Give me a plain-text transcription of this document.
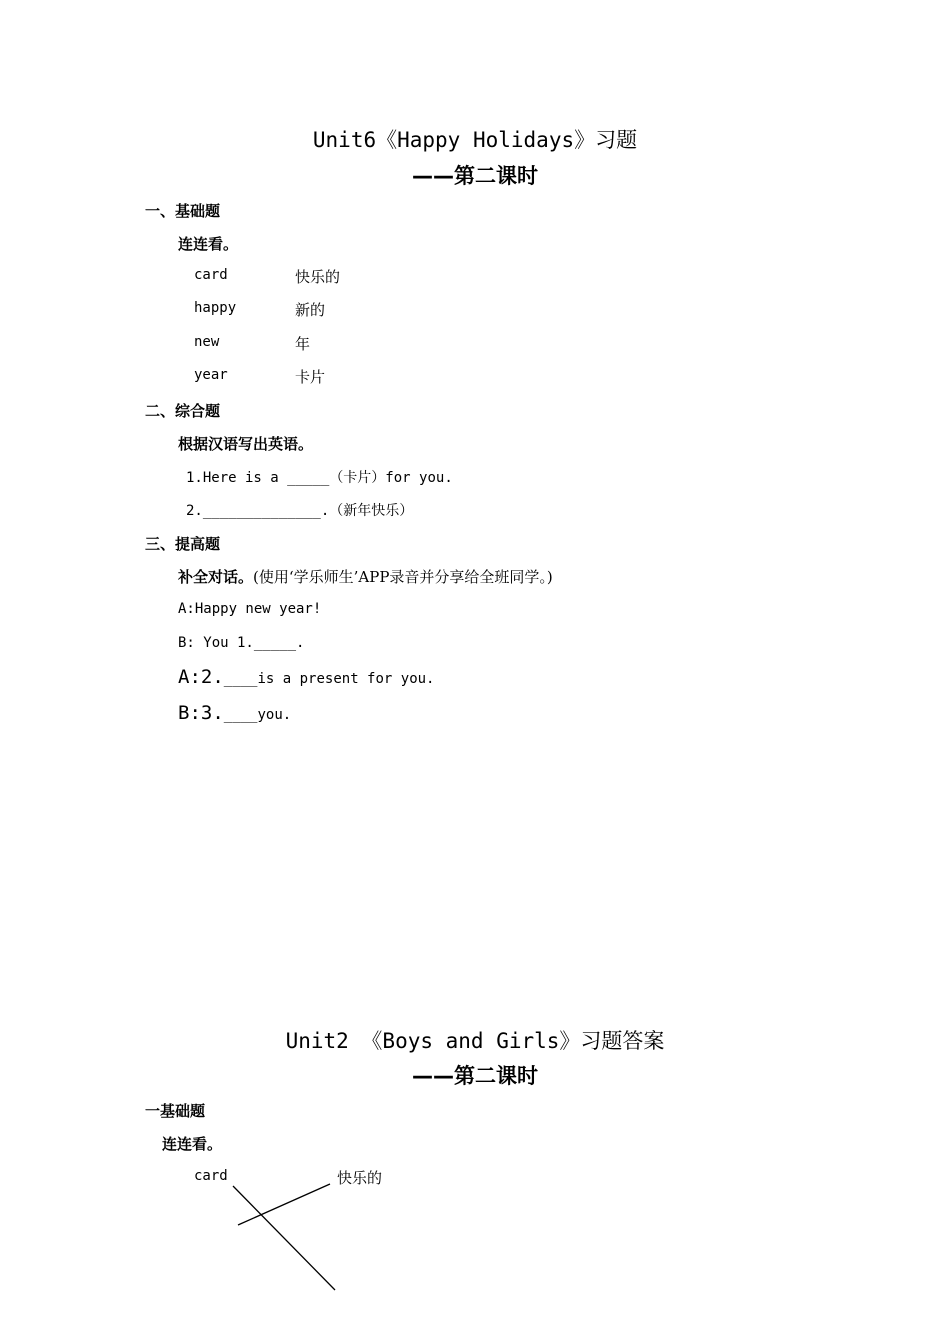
Unit6《Happy Holidays》习题
——第二课时
一、基础题
连连看。
card	快乐的
happy	新的
new	年
year	卡片
二、综合题
根据汉语写出英语。
1.Here is a _____（卡片）for you.
2.______________.（新年快乐）
三、提高题
补全对话。(使用‘学乐师生’APP录音并分享给全班同学。)
A:Happy new year!
B: You 1._____.
A:2.____is a present for you.
B:3.____you.
Unit2 《Boys and Girls》习题答案
——第二课时
一基础题
连连看。
card	快乐的
